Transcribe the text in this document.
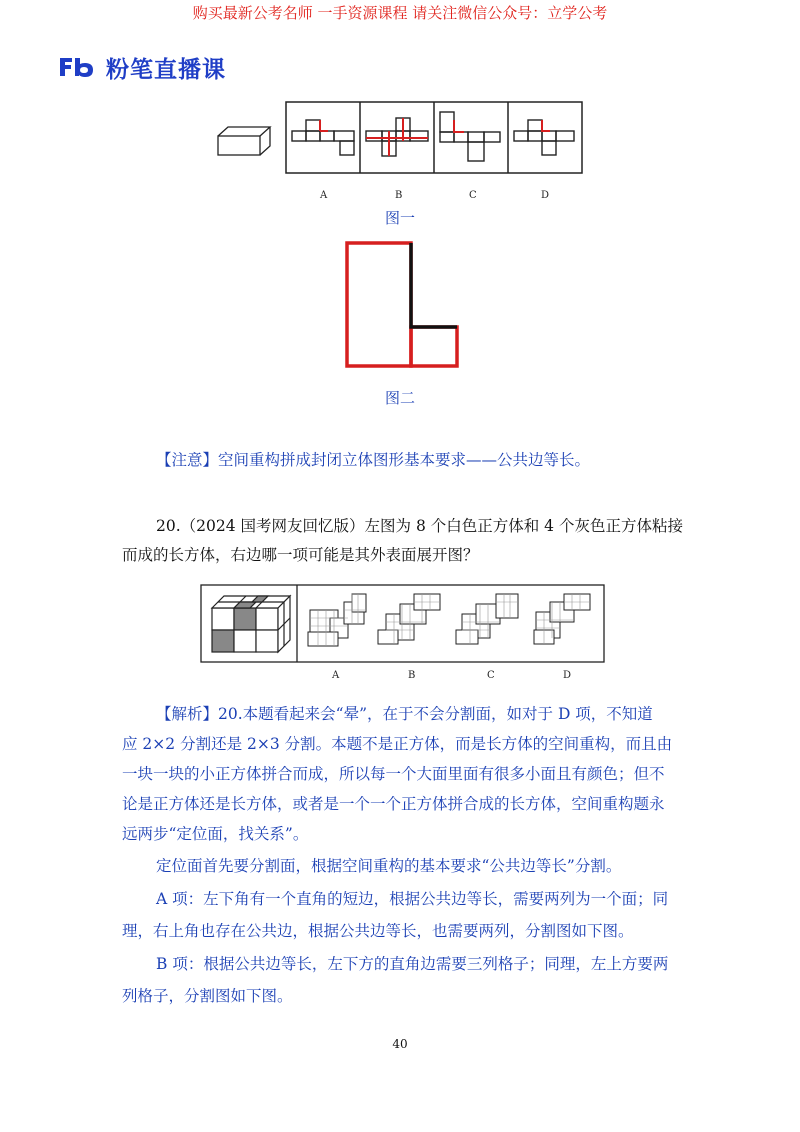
购买最新公考名师 一手资源课程 请关注微信公众号：立学公考
粉笔直播课
A	B	C	D
图一
图二
【注意】空间重构拼成封闭立体图形基本要求——公共边等长。
20.（2024 国考网友回忆版）左图为 8 个白色正方体和 4 个灰色正方体粘接
而成的长方体，右边哪一项可能是其外表面展开图？
A	B	C	D
【解析】20.本题看起来会“晕”，在于不会分割面，如对于 D 项，不知道
应 2×2 分割还是 2×3 分割。本题不是正方体，而是长方体的空间重构，而且由
一块一块的小正方体拼合而成，所以每一个大面里面有很多小面且有颜色；但不
论是正方体还是长方体，或者是一个一个正方体拼合成的长方体，空间重构题永
远两步“定位面，找关系”。
定位面首先要分割面，根据空间重构的基本要求“公共边等长”分割。
A 项：左下角有一个直角的短边，根据公共边等长，需要两列为一个面；同
理，右上角也存在公共边，根据公共边等长，也需要两列，分割图如下图。
B 项：根据公共边等长，左下方的直角边需要三列格子；同理，左上方要两
列格子，分割图如下图。
40
